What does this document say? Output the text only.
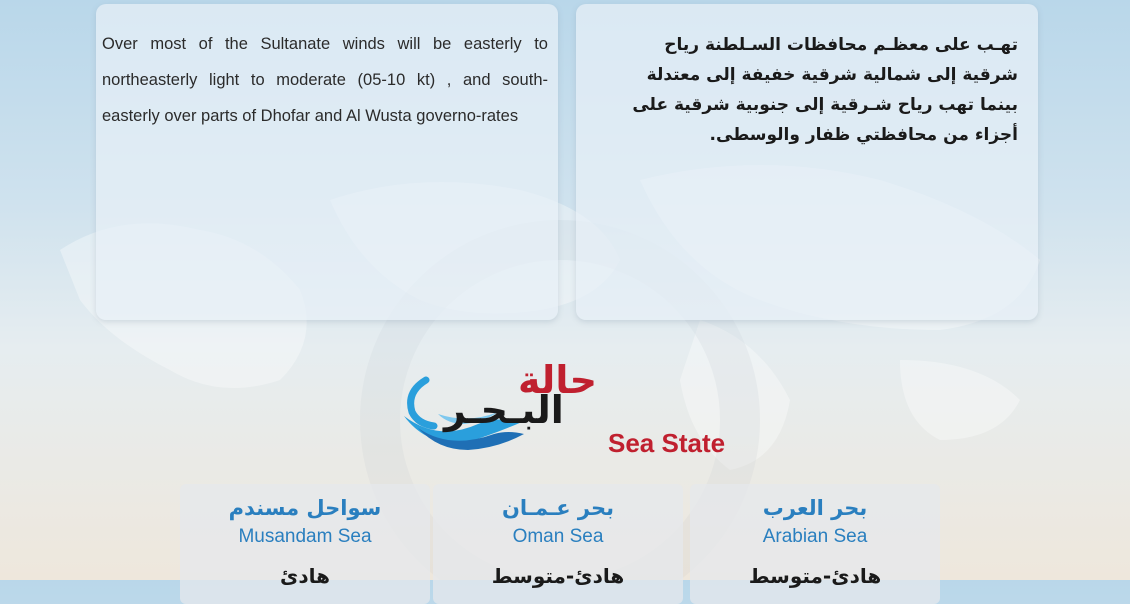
Over most of the Sultanate winds will be easterly to northeasterly light to moderate (05-10 kt) , and south-easterly over parts of Dhofar and Al Wusta governo-rates
تهـب على معظـم محافظات السـلطنة رياح
شرقية إلى شمالية شرقية خفيفة إلى معتدلة
بينما تهب رياح شـرقية إلى جنوبية شرقية على
أجزاء من محافظتي ظفار والوسطى.
حالة
البـحـر
Sea State
سواحل مسندم
Musandam Sea
هادئ
بحر عـمـان
Oman Sea
هادئ-متوسط
بحر العرب
Arabian Sea
هادئ-متوسط
